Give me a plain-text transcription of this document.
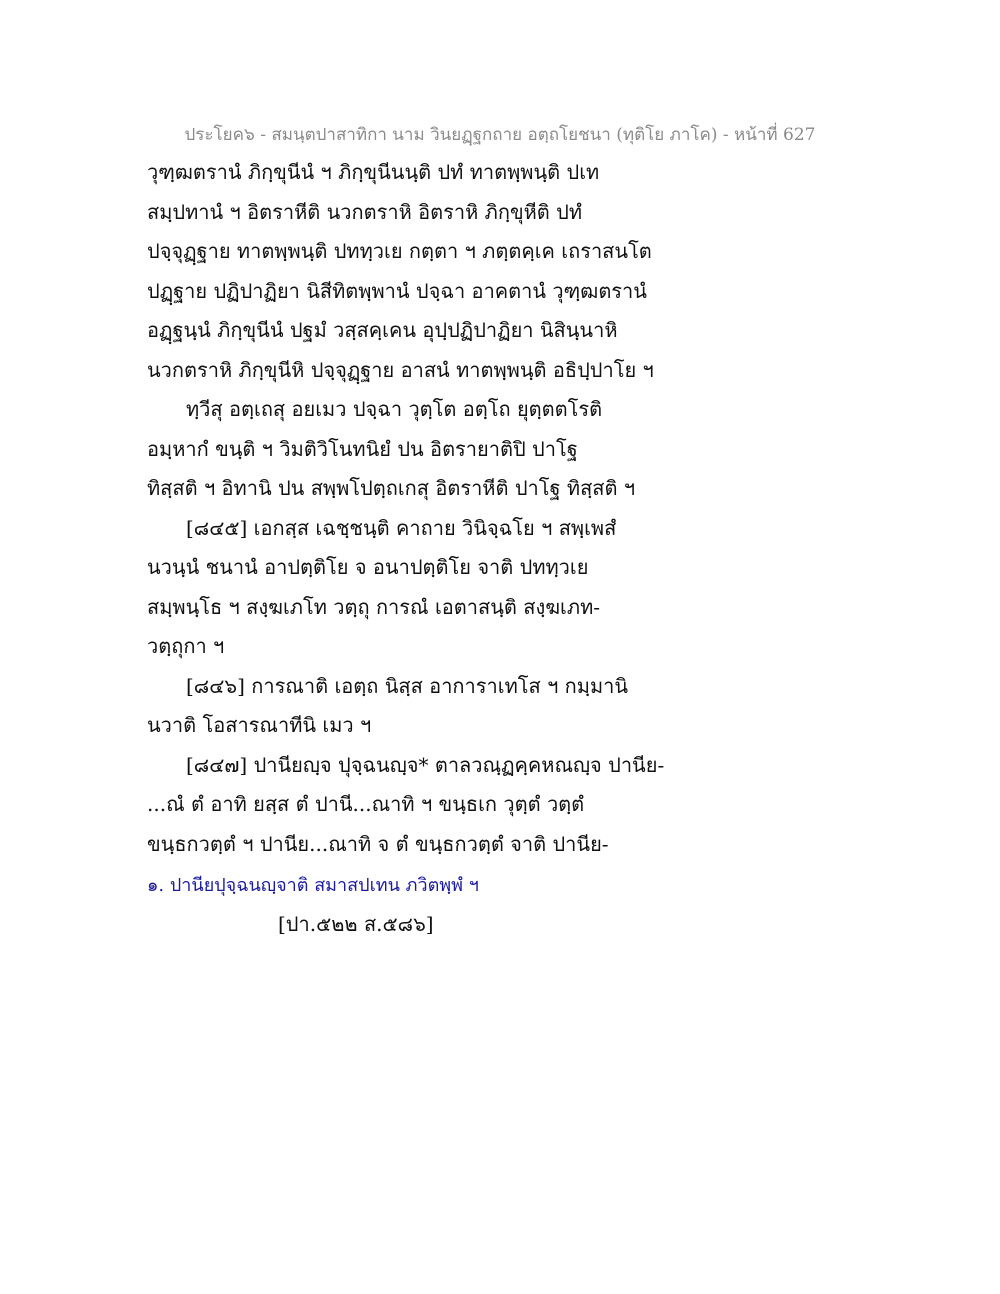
ประโยค๖ - สมนฺตปาสาทิกา นาม วินยฏฺฐกถาย อตฺถโยชนา (ทุติโย ภาโค) - หน้าที่ 627
วุฑฺฒตรานํ ภิกฺขุนีนํ ฯ ภิกฺขุนีนนฺติ ปทํ ทาตพฺพนฺติ ปเท
สมฺปทานํ ฯ อิตราหีติ นวกตราหิ อิตราหิ ภิกฺขุหีติ ปทํ
ปจฺจุฏฺฐาย ทาตพฺพนฺติ ปททฺวเย กตฺตา ฯ ภตฺตคฺเค เถราสนโต
ปฏฺฐาย ปฏิปาฏิยา นิสีทิตพฺพานํ ปจฺฉา อาคตานํ วุฑฺฒตรานํ
อฏฺฐนฺนํ ภิกฺขุนีนํ ปฐมํ วสฺสคฺเคน อุปฺปฏิปาฏิยา นิสินฺนาหิ
นวกตราหิ ภิกฺขุนีหิ ปจฺจุฏฺฐาย อาสนํ ทาตพฺพนฺติ อธิปฺปาโย ฯ
ทฺวีสุ อตฺเถสุ อยเมว ปจฺฉา วุตฺโต อตฺโถ ยุตฺตตโรติ
อมฺหากํ ขนฺติ ฯ วิมติวิโนทนิยํ ปน อิตรายาติปิ ปาโฐ
ทิสฺสติ ฯ อิทานิ ปน สพฺพโปตฺถเกสุ อิตราหีติ ปาโฐ ทิสฺสติ ฯ
[๘๔๕] เอกสฺส เฉชฺชนฺติ คาถาย วินิจฺฉโย ฯ สพฺเพสํ
นวนฺนํ ชนานํ อาปตฺติโย จ อนาปตฺติโย จาติ ปททฺวเย
สมฺพนฺโธ ฯ สงฺฆเภโท วตฺถุ การณํ เอตาสนฺติ สงฺฆเภท-
วตฺถุกา ฯ
[๘๔๖] การณาติ เอตฺถ นิสฺส อาการาเทโส ฯ กมฺมานิ
นวาติ โอสารณาทีนิ เมว ฯ
[๘๔๗] ปานียญฺจ ปุจฺฉนญฺจ* ตาลวณฺฏคฺคหณญฺจ ปานีย-
...ณํ ตํ อาทิ ยสฺส ตํ ปานี...ณาทิ ฯ ขนฺธเก วุตฺตํ วตฺตํ
ขนฺธกวตฺตํ ฯ ปานีย...ณาทิ จ ตํ ขนฺธกวตฺตํ จาติ ปานีย-
๑. ปานียปุจฺฉนญฺจาติ สมาสปเทน ภวิตพฺพํ ฯ
[ปา.๕๒๒ ส.๕๘๖]
